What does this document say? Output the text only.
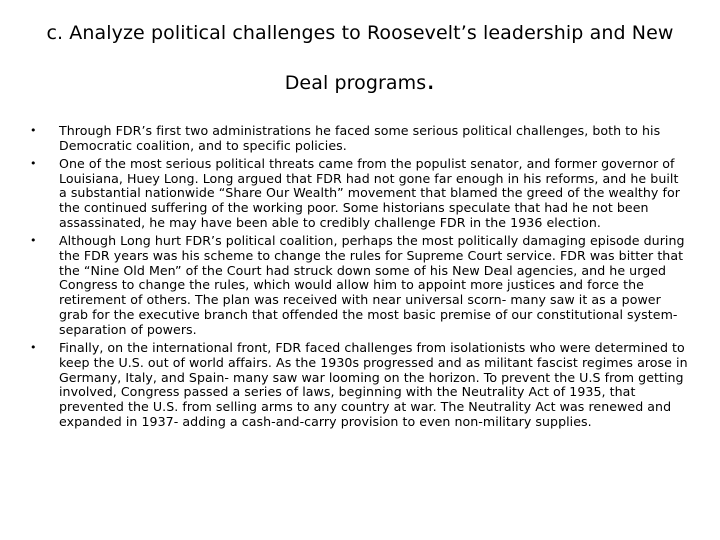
c. Analyze political challenges to Roosevelt’s leadership and New
Deal programs.
• Through FDR’s first two administrations he faced some serious political challenges, both to his Democratic coalition, and to specific policies.
• One of the most serious political threats came from the populist senator, and former governor of Louisiana, Huey Long. Long argued that FDR had not gone far enough in his reforms, and he built a substantial nationwide “Share Our Wealth” movement that blamed the greed of the wealthy for the continued suffering of the working poor. Some historians speculate that had he not been assassinated, he may have been able to credibly challenge FDR in the 1936 election.
• Although Long hurt FDR’s political coalition, perhaps the most politically damaging episode during the FDR years was his scheme to change the rules for Supreme Court service. FDR was bitter that the “Nine Old Men” of the Court had struck down some of his New Deal agencies, and he urged Congress to change the rules, which would allow him to appoint more justices and force the retirement of others. The plan was received with near universal scorn- many saw it as a power grab for the executive branch that offended the most basic premise of our constitutional system- separation of powers.
• Finally, on the international front, FDR faced challenges from isolationists who were determined to keep the U.S. out of world affairs. As the 1930s progressed and as militant fascist regimes arose in Germany, Italy, and Spain- many saw war looming on the horizon. To prevent the U.S from getting involved, Congress passed a series of laws, beginning with the Neutrality Act of 1935, that prevented the U.S. from selling arms to any country at war. The Neutrality Act was renewed and expanded in 1937- adding a cash-and-carry provision to even non-military supplies.
